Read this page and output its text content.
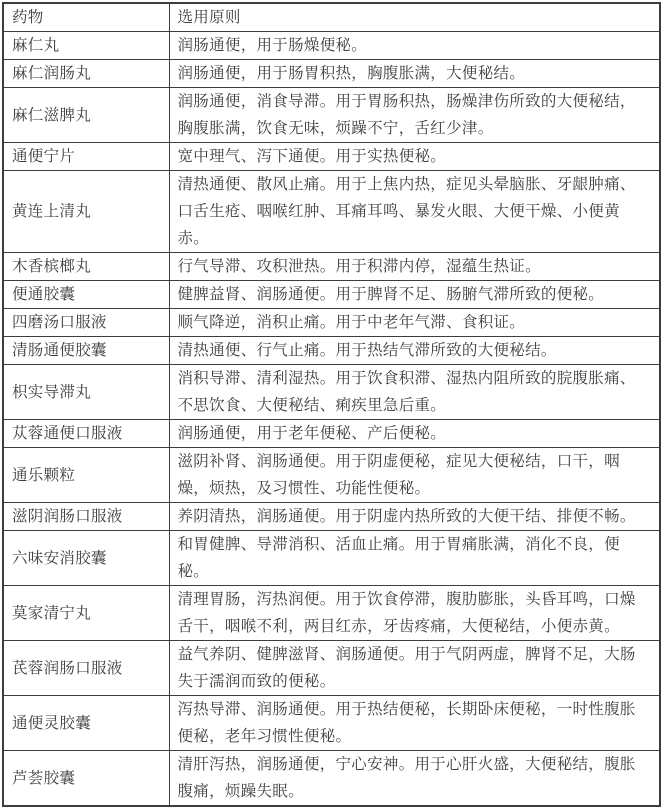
药物	选用原则
麻仁丸	润肠通便，用于肠燥便秘。
麻仁润肠丸	润肠通便，用于肠胃积热，胸腹胀满，大便秘结。
麻仁滋脾丸	润肠通便，消食导滞。用于胃肠积热，肠燥津伤所致的大便秘结，胸腹胀满，饮食无味，烦躁不宁，舌红少津。
通便宁片	宽中理气、泻下通便。用于实热便秘。
黄连上清丸	清热通便、散风止痛。用于上焦内热，症见头晕脑胀、牙龈肿痛、口舌生疮、咽喉红肿、耳痛耳鸣、暴发火眼、大便干燥、小便黄赤。
木香槟榔丸	行气导滞、攻积泄热。用于积滞内停，湿蕴生热证。
便通胶囊	健脾益肾、润肠通便。用于脾肾不足、肠腑气滞所致的便秘。
四磨汤口服液	顺气降逆，消积止痛。用于中老年气滞、食积证。
清肠通便胶囊	清热通便、行气止痛。用于热结气滞所致的大便秘结。
枳实导滞丸	消积导滞、清利湿热。用于饮食积滞、湿热内阻所致的脘腹胀痛、不思饮食、大便秘结、痢疾里急后重。
苁蓉通便口服液	润肠通便，用于老年便秘、产后便秘。
通乐颗粒	滋阴补肾、润肠通便。用于阴虚便秘，症见大便秘结，口干，咽燥，烦热，及习惯性、功能性便秘。
滋阴润肠口服液	养阴清热，润肠通便。用于阴虚内热所致的大便干结、排便不畅。
六味安消胶囊	和胃健脾、导滞消积、活血止痛。用于胃痛胀满，消化不良，便秘。
莫家清宁丸	清理胃肠，泻热润便。用于饮食停滞，腹肋膨胀，头昏耳鸣，口燥舌干，咽喉不利，两目红赤，牙齿疼痛，大便秘结，小便赤黄。
芪蓉润肠口服液	益气养阴、健脾滋肾、润肠通便。用于气阴两虚，脾肾不足，大肠失于濡润而致的便秘。
通便灵胶囊	泻热导滞、润肠通便。用于热结便秘，长期卧床便秘，一时性腹胀便秘，老年习惯性便秘。
芦荟胶囊	清肝泻热，润肠通便，宁心安神。用于心肝火盛，大便秘结，腹胀腹痛，烦躁失眠。
